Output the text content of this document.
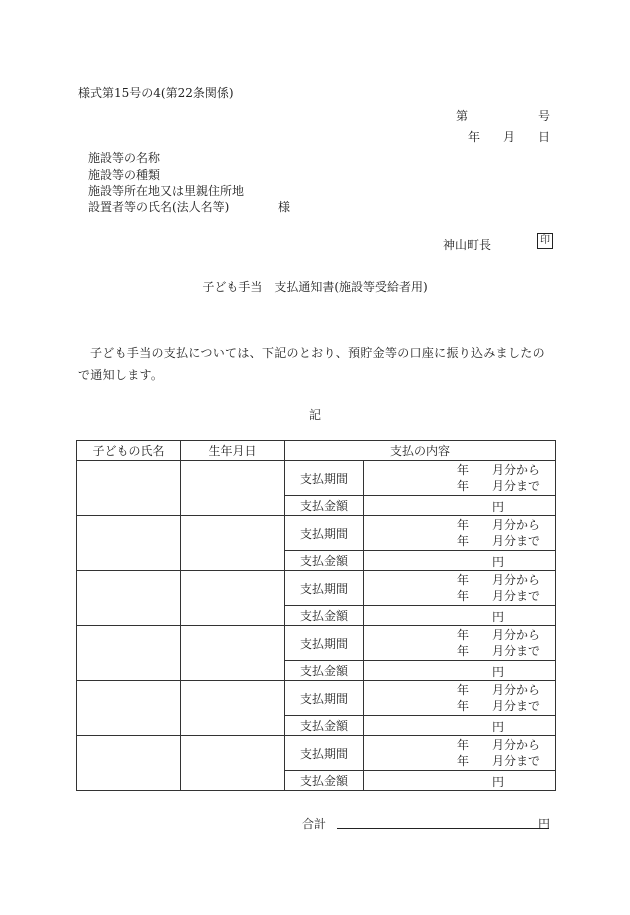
様式第15号の4(第22条関係)
第	号
年 月 日
施設等の名称
施設等の種類
施設等所在地又は里親住所地
設置者等の氏名(法人名等)	様
神山町長	印
子ども手当　支払通知書(施設等受給者用)
子ども手当の支払については、下記のとおり、預貯金等の口座に振り込みましたので通知します。
記
子どもの氏名	生年月日	支払の内容	
		支払期間	年 月分から
年 月分まで

		支払金額	円

		支払期間	年 月分から
年 月分まで

		支払金額	円

		支払期間	年 月分から
年 月分まで

		支払金額	円

		支払期間	年 月分から
年 月分まで

		支払金額	円

		支払期間	年 月分から
年 月分まで

		支払金額	円

		支払期間	年 月分から
年 月分まで

		支払金額	円
合計	円
